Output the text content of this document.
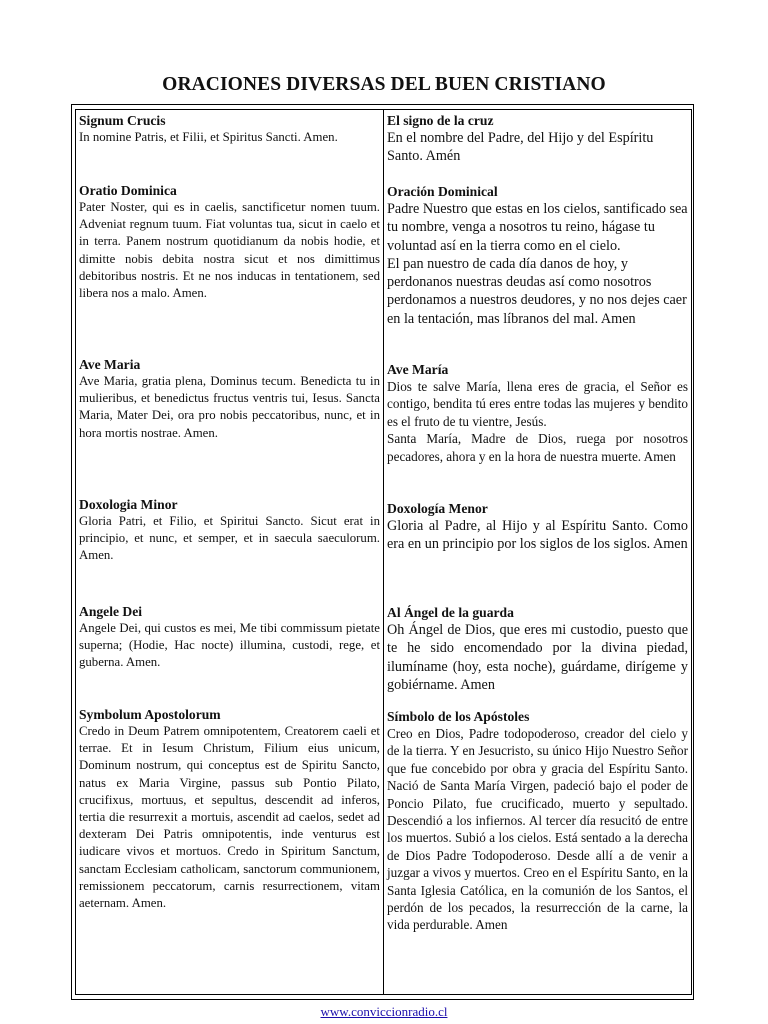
ORACIONES DIVERSAS DEL BUEN CRISTIANO
Signum Crucis
In nomine Patris, et Filii, et Spiritus Sancti. Amen.
Oratio Dominica
Pater Noster, qui es in caelis, sanctificetur nomen tuum. Adveniat regnum tuum. Fiat voluntas tua, sicut in caelo et in terra. Panem nostrum quotidianum da nobis hodie, et dimitte nobis debita nostra sicut et nos dimittimus debitoribus nostris. Et ne nos inducas in tentationem, sed libera nos a malo. Amen.
Ave Maria
Ave Maria, gratia plena, Dominus tecum. Benedicta tu in mulieribus, et benedictus fructus ventris tui, Iesus. Sancta Maria, Mater Dei, ora pro nobis peccatoribus, nunc, et in hora mortis nostrae. Amen.
Doxologia Minor
Gloria Patri, et Filio, et Spiritui Sancto. Sicut erat in principio, et nunc, et semper, et in saecula saeculorum. Amen.
Angele Dei
Angele Dei, qui custos es mei, Me tibi commissum pietate superna; (Hodie, Hac nocte) illumina, custodi, rege, et guberna. Amen.
Symbolum Apostolorum
Credo in Deum Patrem omnipotentem, Creatorem caeli et terrae. Et in Iesum Christum, Filium eius unicum, Dominum nostrum, qui conceptus est de Spiritu Sancto, natus ex Maria Virgine, passus sub Pontio Pilato, crucifixus, mortuus, et sepultus, descendit ad inferos, tertia die resurrexit a mortuis, ascendit ad caelos, sedet ad dexteram Dei Patris omnipotentis, inde venturus est iudicare vivos et mortuos. Credo in Spiritum Sanctum, sanctam Ecclesiam catholicam, sanctorum communionem, remissionem peccatorum, carnis resurrectionem, vitam aeternam. Amen.
El signo de la cruz
En el nombre del Padre, del Hijo y del Espíritu Santo. Amén
Oración Dominical
Padre Nuestro que estas en los cielos, santificado sea tu nombre, venga a nosotros tu reino, hágase tu voluntad así en la tierra como en el cielo.
El pan nuestro de cada día danos de hoy, y perdonanos nuestras deudas así como nosotros perdonamos a nuestros deudores, y no nos dejes caer en la tentación, mas líbranos del mal. Amen
Ave María
Dios te salve María, llena eres de gracia, el Señor es contigo, bendita tú eres entre todas las mujeres y bendito es el fruto de tu vientre, Jesús.
Santa María, Madre de Dios, ruega por nosotros pecadores, ahora y en la hora de nuestra muerte. Amen
Doxología Menor
Gloria al Padre, al Hijo y al Espíritu Santo. Como era en un principio por los siglos de los siglos. Amen
Al Ángel de la guarda
Oh Ángel de Dios, que eres mi custodio, puesto que te he sido encomendado por la divina piedad, ilumíname (hoy, esta noche), guárdame, dirígeme y gobiérname. Amen
Símbolo de los Apóstoles
Creo en Dios, Padre todopoderoso, creador del cielo y de la tierra. Y en Jesucristo, su único Hijo Nuestro Señor que fue concebido por obra y gracia del Espíritu Santo. Nació de Santa María Virgen, padeció bajo el poder de Poncio Pilato, fue crucificado, muerto y sepultado. Descendió a los infiernos. Al tercer día resucitó de entre los muertos. Subió a los cielos. Está sentado a la derecha de Dios Padre Todopoderoso. Desde allí a de venir a juzgar a vivos y muertos. Creo en el Espíritu Santo, en la Santa Iglesia Católica, en la comunión de los Santos, el perdón de los pecados, la resurrección de la carne, la vida perdurable. Amen
www.conviccionradio.cl
